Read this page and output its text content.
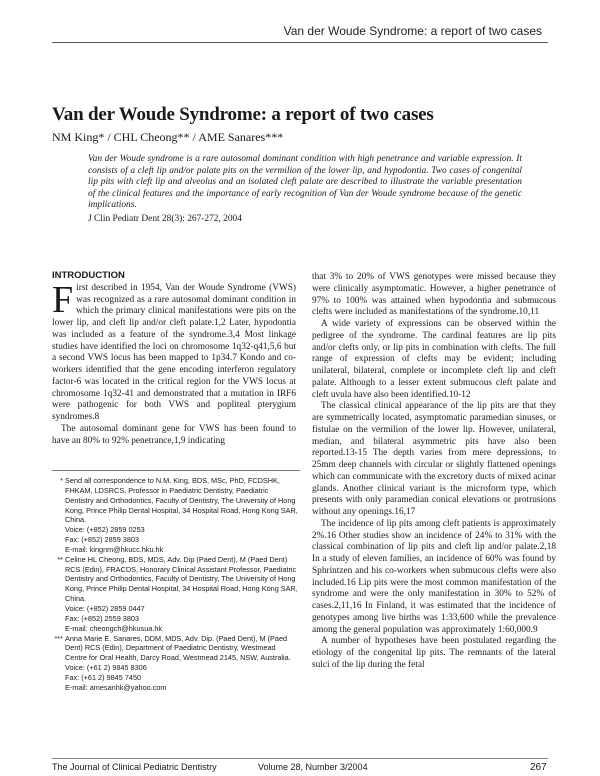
Van der Woude Syndrome: a report of two cases
Van der Woude Syndrome: a report of two cases
NM King* / CHL Cheong** / AME Sanares***
Van der Woude syndrome is a rare autosomal dominant condition with high penetrance and variable expression. It consists of a cleft lip and/or palate pits on the vermilion of the lower lip, and hypodontia. Two cases of congenital lip pits with cleft lip and alveolus and an isolated cleft palate are described to illustrate the variable presentation of the clinical features and the importance of early recognition of Van der Woude syndrome because of the genetic implications.
J Clin Pediatr Dent 28(3): 267-272, 2004
INTRODUCTION

First described in 1954, Van der Woude Syndrome (VWS) was recognized as a rare autosomal dominant condition in which the primary clinical manifestations were pits on the lower lip, and cleft lip and/or cleft palate.1,2 Later, hypodontia was included as a feature of the syndrome.3,4 Most linkage studies have identified the loci on chromosome 1q32-q41,5,6 but a second VWS locus has been mapped to 1p34.7 Kondo and co-workers identified that the gene encoding interferon regulatory factor-6 was located in the critical region for the VWS locus at chromosome 1q32-41 and demonstrated that a mutation in IRF6 were pathogenic for both VWS and popliteal pterygium syndromes.8

The autosomal dominant gene for VWS has been found to have an 80% to 92% penetrance,1,9 indicating

* Send all correspondence to N.M. King, BDS, MSc, PhD, FCDSHK, FHKAM, LDSRCS, Professor in Paediatric Dentistry, Paediatric Dentistry and Orthodontics, Faculty of Dentistry, The University of Hong Kong, Prince Philip Dental Hospital, 34 Hospital Road, Hong Kong SAR, China.
Voice: (+852) 2859 0253
Fax: (+852) 2859 3803
E-mail: kingnm@hkucc.hku.hk
** Celine HL Cheong, BDS, MDS, Adv. Dip (Paed Dent), M (Paed Dent) RCS (Edin), FRACDS, Honorary Clinical Assistant Professor, Paediatric Dentistry and Orthodontics, Faculty of Dentistry, The University of Hong Kong, Prince Philip Dental Hospital, 34 Hospital Road, Hong Kong SAR, China.
Voice: (+852) 2859 0447
Fax: (+852) 2559 3803
E-mail: cheongch@hkusua.hk
*** Anna Marie E. Sanares, DDM, MDS, Adv. Dip. (Paed Dent), M (Paed Dent) RCS (Edin), Department of Paediatric Dentistry, Westmead Centre for Oral Health, Darcy Road, Westmead 2145, NSW, Australia.
Voice: (+61 2) 9845 8306
Fax: (+61 2) 9845 7450
E-mail: amesanhk@yahoo.com

that 3% to 20% of VWS genotypes were missed because they were clinically asymptomatic. However, a higher penetrance of 97% to 100% was attained when hypodontia and submucous clefts were included as manifestations of the syndrome.10,11

A wide variety of expressions can be observed within the pedigree of the syndrome. The cardinal features are lip pits and/or clefts only, or lip pits in combination with clefts. The full range of expression of clefts may be evident; including unilateral, bilateral, complete or incomplete cleft lip and cleft palate. Although to a lesser extent submucous cleft palate and cleft uvula have also been identified.10-12

The classical clinical appearance of the lip pits are that they are symmetrically located, asymptomatic paramedian sinuses, or fistulae on the vermilion of the lower lip. However, unilateral, median, and bilateral asymmetric pits have also been reported.13-15 The depth varies from mere depressions, to 25mm deep channels with circular or slightly flattened openings which can communicate with the excretory ducts of mixed acinar glands. Another clinical variant is the microform type, which presents with only paramedian conical elevations or protrusions without any openings.16,17

The incidence of lip pits among cleft patients is approximately 2%.16 Other studies show an incidence of 24% to 31% with the classical combination of lip pits and cleft lip and/or palate.2,18 In a study of eleven families, an incidence of 60% was found by Sphrintzen and his co-workers when submucous clefts were also included.16 Lip pits were the most common manifestation of the syndrome and were the only manifestation in 30% to 52% of cases.2,11,16 In Finland, it was estimated that the incidence of genotypes among live births was 1:33,600 while the prevalence among the general population was approximately 1:60,000.9

A number of hypotheses have been postulated regarding the etiology of the congenital lip pits. The remnants of the lateral sulci of the lip during the fetal

The Journal of Clinical Pediatric Dentistry	Volume 28, Number 3/2004	267
